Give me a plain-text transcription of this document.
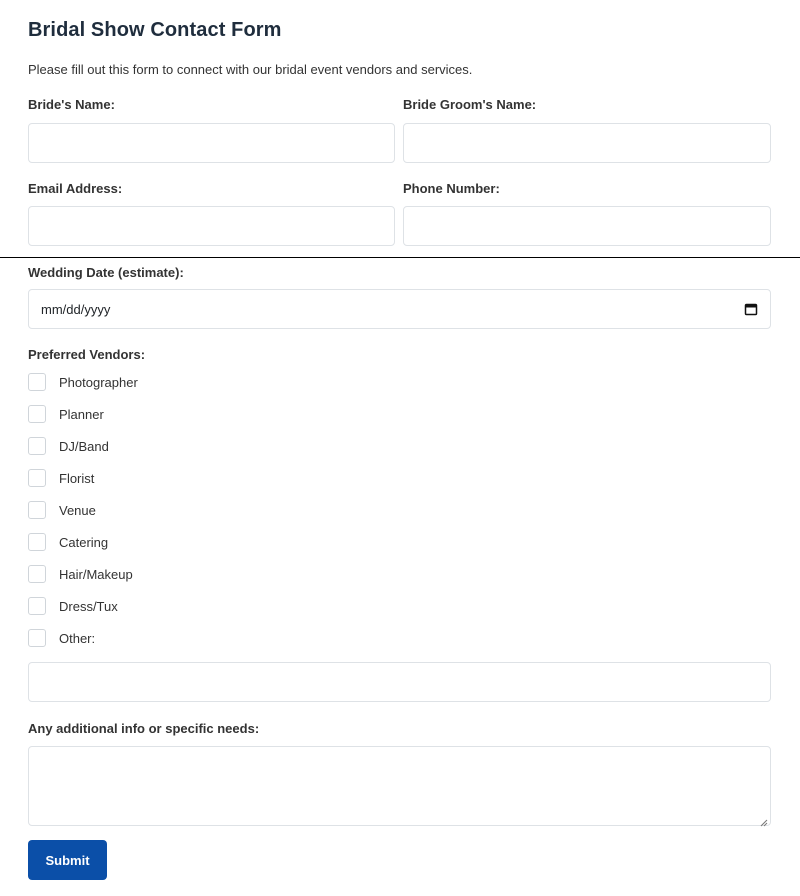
Bridal Show Contact Form

Please fill out this form to connect with our bridal event vendors and services.

Bride's Name:	Bride Groom's Name:
Email Address:	Phone Number:
Wedding Date (estimate):
mm/dd/yyyy
Preferred Vendors:
Photographer
Planner
DJ/Band
Florist
Venue
Catering
Hair/Makeup
Dress/Tux
Other:
Any additional info or specific needs:
Submit
